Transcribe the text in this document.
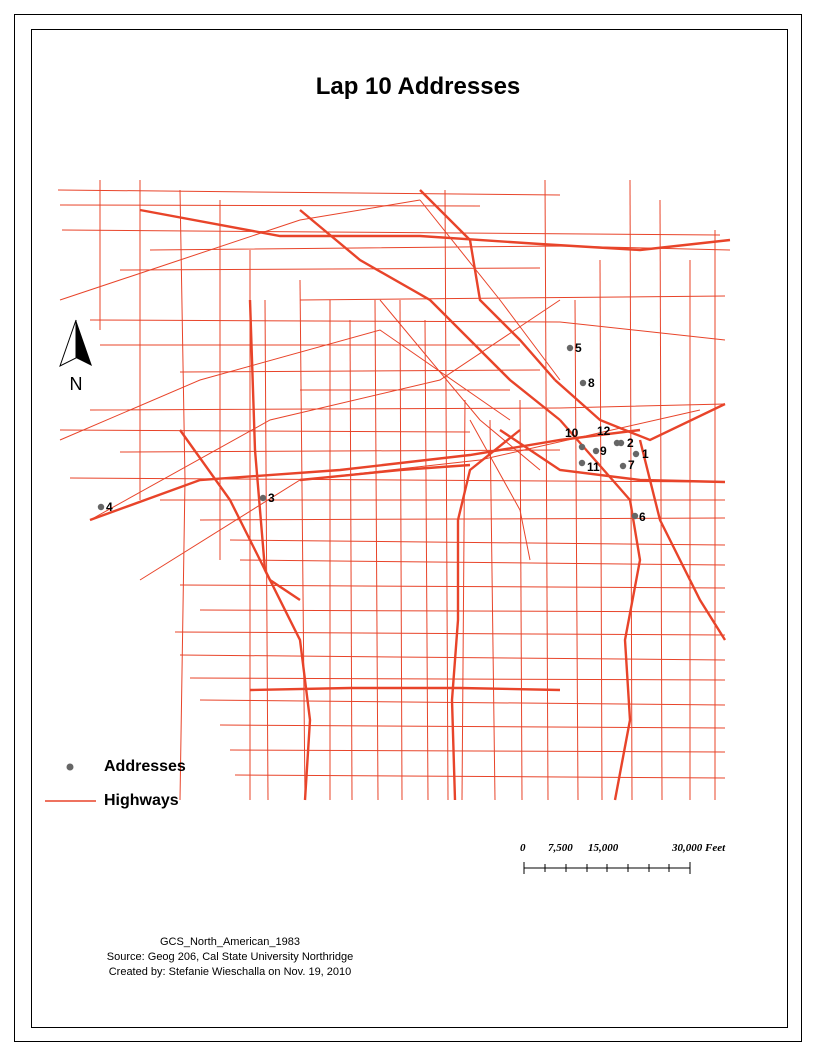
Lap 10 Addresses
1
2
3
4
5
6
7
8
9
10
11
12
N
Addresses
Highways
0 7,500 15,000	30,000 Feet
GCS_North_American_1983
Source: Geog 206, Cal State University Northridge
Created by: Stefanie Wieschalla on Nov. 19, 2010
